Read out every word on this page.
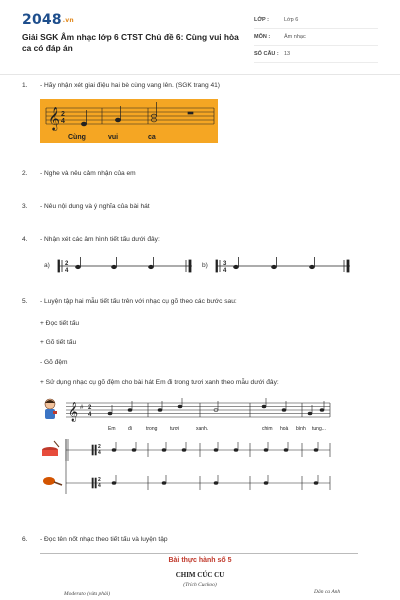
2048.vn
Giải SGK Âm nhạc lớp 6 CTST Chủ đề 6: Cùng vui hòa ca có đáp án
LỚP :	Lớp 6
MÔN :	Âm nhạc
SỐ CÂU : 13
1. - Hãy nhận xét giai điệu hai bè cùng vang lên. (SGK trang 41)
𝄞 2
4
Cùng	vui	ca
2. - Nghe và nêu cảm nhận của em
3. - Nêu nội dung và ý nghĩa của bài hát
4. - Nhận xét các âm hình tiết tấu dưới đây:
a)	2
4
b)	3
4
5. - Luyện tập hai mẫu tiết tấu trên với nhạc cụ gõ theo các bước sau:
+ Đọc tiết tấu
+ Gõ tiết tấu
- Gõ đệm
+ Sử dụng nhạc cụ gõ đệm cho bài hát Em đi trong tươi xanh theo mẫu dưới đây:
𝄞 # 2
4
2
4
2
4
Em	đi	trong	tươi	xanh.	chim hoà bình tung...
6. - Đọc tên nốt nhạc theo tiết tấu và luyện tập
Bài thực hành số 5
CHIM CÚC CU
(Trích Cuckoo)
Moderato (vừa phải)	Dân ca Anh
